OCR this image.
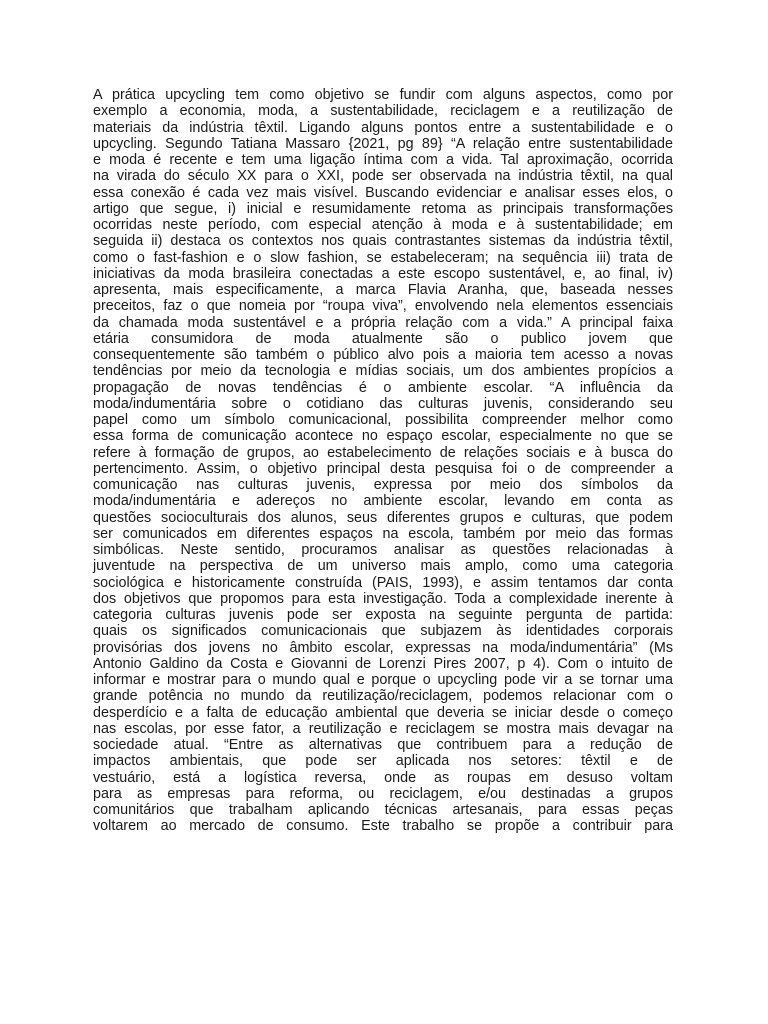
A prática upcycling tem como objetivo se fundir com alguns aspectos, como por
exemplo a economia, moda, a sustentabilidade, reciclagem e a reutilização de
materiais da indústria têxtil. Ligando alguns pontos entre a sustentabilidade e o
upcycling. Segundo Tatiana Massaro {2021, pg 89} “A relação entre sustentabilidade
e moda é recente e tem uma ligação íntima com a vida. Tal aproximação, ocorrida
na virada do século XX para o XXI, pode ser observada na indústria têxtil, na qual
essa conexão é cada vez mais visível. Buscando evidenciar e analisar esses elos, o
artigo que segue, i) inicial e resumidamente retoma as principais transformações
ocorridas neste período, com especial atenção à moda e à sustentabilidade; em
seguida ii) destaca os contextos nos quais contrastantes sistemas da indústria têxtil,
como o fast-fashion e o slow fashion, se estabeleceram; na sequência iii) trata de
iniciativas da moda brasileira conectadas a este escopo sustentável, e, ao final, iv)
apresenta, mais especificamente, a marca Flavia Aranha, que, baseada nesses
preceitos, faz o que nomeia por “roupa viva”, envolvendo nela elementos essenciais
da chamada moda sustentável e a própria relação com a vida.” A principal faixa
etária consumidora de moda atualmente são o publico jovem que
consequentemente são também o público alvo pois a maioria tem acesso a novas
tendências por meio da tecnologia e mídias sociais, um dos ambientes propícios a
propagação de novas tendências é o ambiente escolar. “A influência da
moda/indumentária sobre o cotidiano das culturas juvenis, considerando seu
papel como um símbolo comunicacional, possibilita compreender melhor como
essa forma de comunicação acontece no espaço escolar, especialmente no que se
refere à formação de grupos, ao estabelecimento de relações sociais e à busca do
pertencimento. Assim, o objetivo principal desta pesquisa foi o de compreender a
comunicação nas culturas juvenis, expressa por meio dos símbolos da
moda/indumentária e adereços no ambiente escolar, levando em conta as
questões socioculturais dos alunos, seus diferentes grupos e culturas, que podem
ser comunicados em diferentes espaços na escola, também por meio das formas
simbólicas. Neste sentido, procuramos analisar as questões relacionadas à
juventude na perspectiva de um universo mais amplo, como uma categoria
sociológica e historicamente construída (PAIS, 1993), e assim tentamos dar conta
dos objetivos que propomos para esta investigação. Toda a complexidade inerente à
categoria culturas juvenis pode ser exposta na seguinte pergunta de partida:
quais os significados comunicacionais que subjazem às identidades corporais
provisórias dos jovens no âmbito escolar, expressas na moda/indumentária” (Ms
Antonio Galdino da Costa e Giovanni de Lorenzi Pires 2007, p 4). Com o intuito de
informar e mostrar para o mundo qual e porque o upcycling pode vir a se tornar uma
grande potência no mundo da reutilização/reciclagem, podemos relacionar com o
desperdício e a falta de educação ambiental que deveria se iniciar desde o começo
nas escolas, por esse fator, a reutilização e reciclagem se mostra mais devagar na
sociedade atual. “Entre as alternativas que contribuem para a redução de
impactos ambientais, que pode ser aplicada nos setores: têxtil e de
vestuário, está a logística reversa, onde as roupas em desuso voltam
para as empresas para reforma, ou reciclagem, e/ou destinadas a grupos
comunitários que trabalham aplicando técnicas artesanais, para essas peças
voltarem ao mercado de consumo. Este trabalho se propõe a contribuir para
